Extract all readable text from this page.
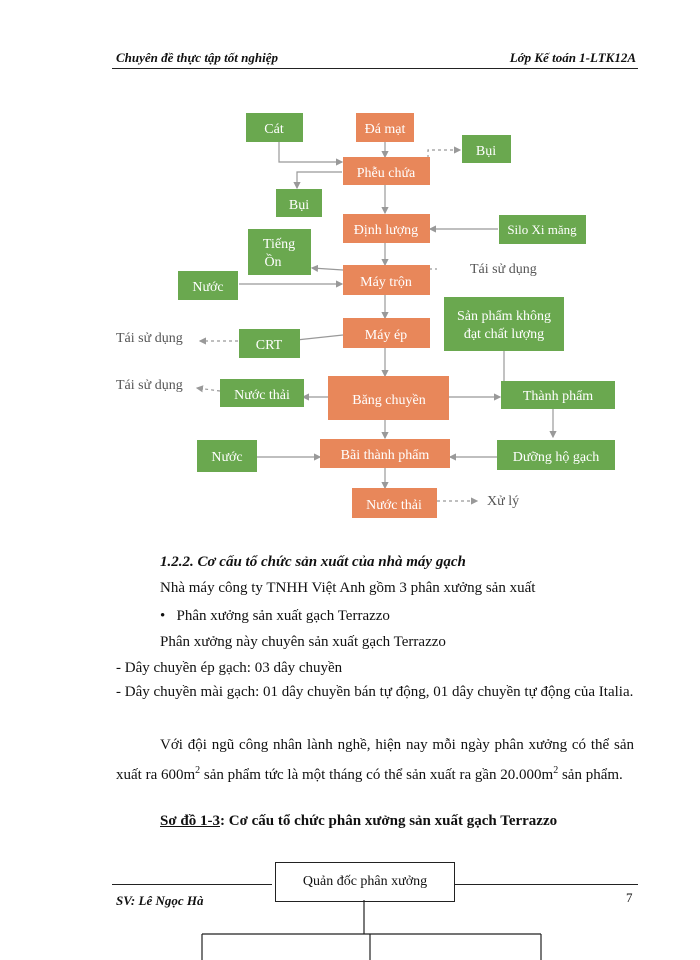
Chuyên đề thực tập tốt nghiệp	Lớp Kế toán 1-LTK12A
Cát
Bụi
Bụi
Tiếng
Ồn
Silo Xi măng
Nước
CRT
Sản phẩm không
đạt chất lượng
Nước thải	Thành phẩm
Nước	Dưỡng hộ gạch
Đá mạt
Phễu chứa
Định lượng
Máy trộn
Máy ép
Băng chuyền
Bãi thành phẩm
Nước thải
Tái sử dụng
Tái sử dụng
Tái sử dụng
Xử lý
1.2.2. Cơ cấu tổ chức sản xuất của nhà máy gạch
Nhà máy công ty TNHH Việt Anh gồm 3 phân xưởng sản xuất
•   Phân xưởng sản xuất gạch Terrazzo
Phân xưởng này chuyên sản xuất gạch Terrazzo
- Dây chuyền ép gạch: 03 dây chuyền
- Dây chuyền mài gạch: 01 dây chuyền bán tự động, 01 dây chuyền tự động của Italia.
Với đội ngũ công nhân lành nghề, hiện nay mỗi ngày phân xưởng có thể sản xuất ra $600m^2$ sản phẩm tức là một tháng có thể sản xuất ra gần $20.000m^2$ sản phẩm.
Sơ đồ 1-3: Cơ cấu tổ chức phân xưởng sản xuất gạch Terrazzo
Quản đốc phân xưởng
SV: Lê Ngọc Hà	7
